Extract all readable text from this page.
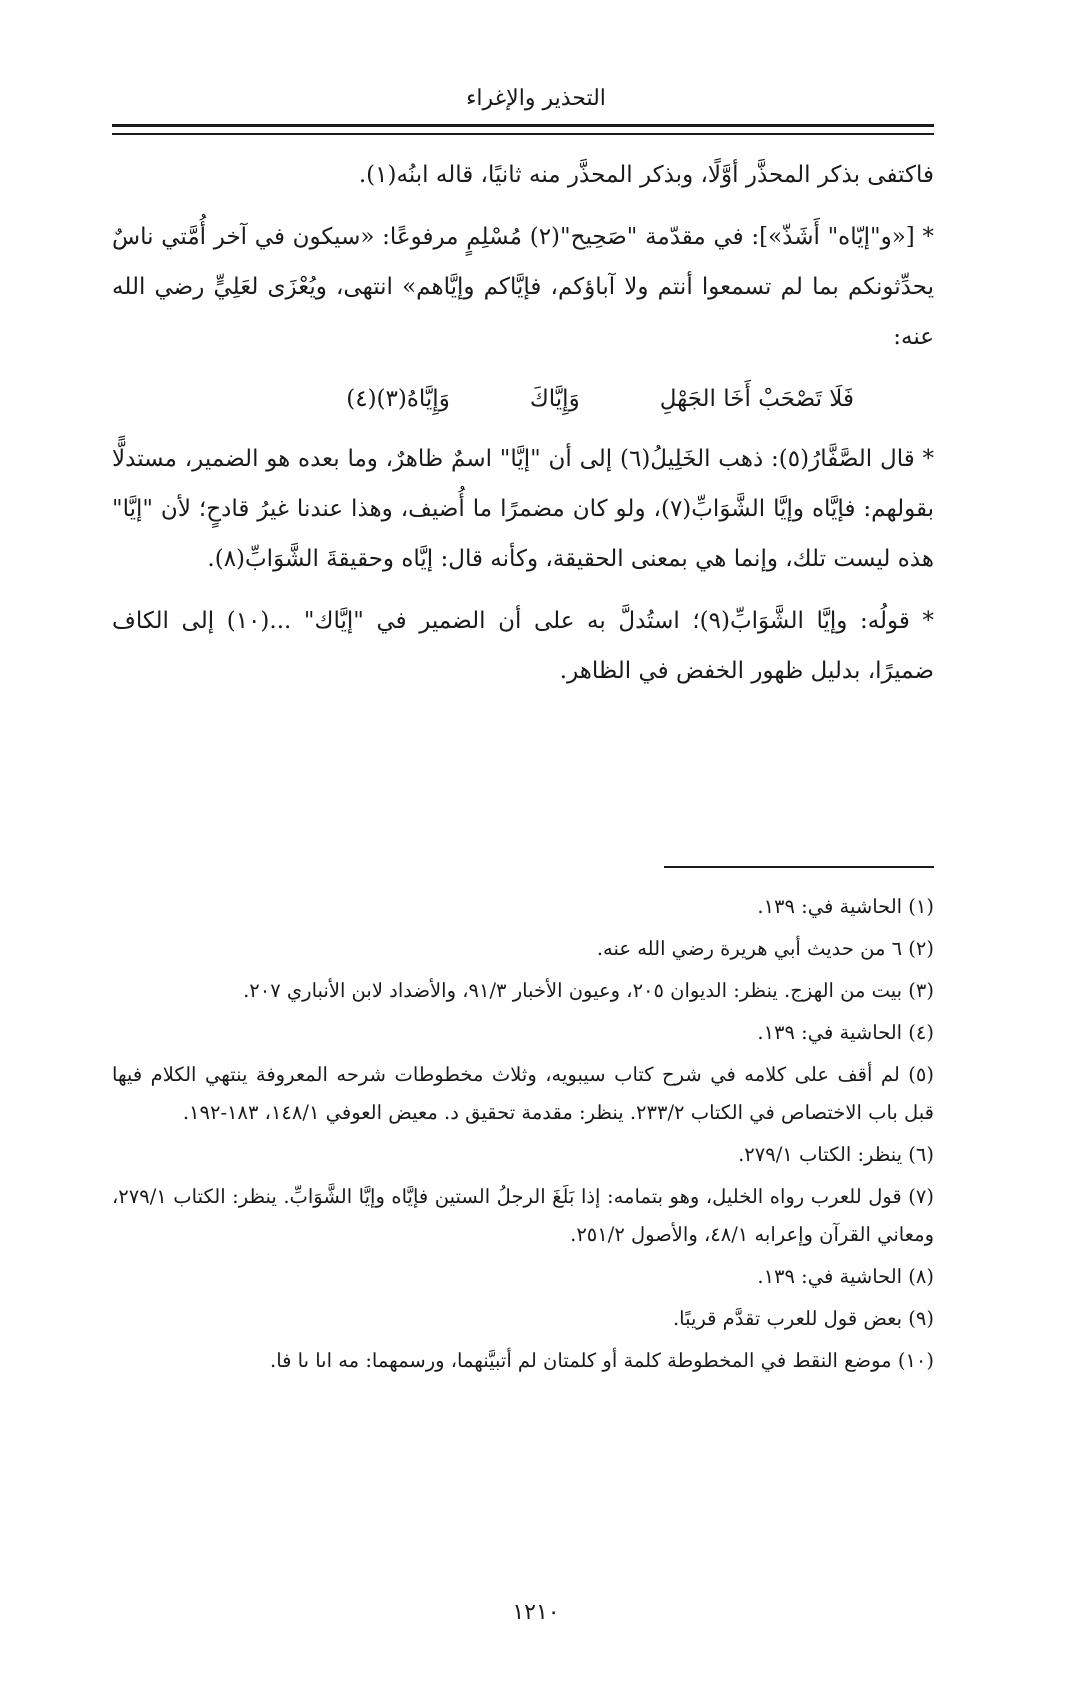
التحذير والإغراء

فاكتفى بذكر المحذَّر أوَّلًا، وبذكر المحذَّر منه ثانيًا، قاله ابنُه(١).

* [«و"إيّاه" أَشَذّ»]: في مقدّمة "صَحِيح"(٢) مُسْلِمٍ مرفوعًا: «سيكون في آخر أُمَّتي ناسٌ يحدِّثونكم بما لم تسمعوا أنتم ولا آباؤكم، فإيَّاكم وإيَّاهم» انتهى، ويُعْزَى لعَلِيٍّ رضي الله عنه:

فَلَا تَصْحَبْ أَخَا الجَهْلِ
وَإِيَّاكَ
وَإِيَّاهُ(٣)(٤)

* قال الصَّفَّارُ(٥): ذهب الخَلِيلُ(٦) إلى أن "إيَّا" اسمٌ ظاهرٌ، وما بعده هو الضمير، مستدلًّا بقولهم: فإيَّاه وإيَّا الشَّوَابِّ(٧)، ولو كان مضمرًا ما أُضيف، وهذا عندنا غيرُ قادحٍ؛ لأن "إيَّا" هذه ليست تلك، وإنما هي بمعنى الحقيقة، وكأنه قال: إيَّاه وحقيقةَ الشَّوَابِّ(٨).

* قولُه: وإيَّا الشَّوَابِّ(٩)؛ استُدلَّ به على أن الضمير في "إيَّاك" ...(١٠) إلى الكاف ضميرًا، بدليل ظهور الخفض في الظاهر.

(١) الحاشية في: ١٣٩.

(٢) ٦ من حديث أبي هريرة رضي الله عنه.

(٣) بيت من الهزج. ينظر: الديوان ٢٠٥، وعيون الأخبار ٩١/٣، والأضداد لابن الأنباري ٢٠٧.

(٤) الحاشية في: ١٣٩.

(٥) لم أقف على كلامه في شرح كتاب سيبويه، وثلاث مخطوطات شرحه المعروفة ينتهي الكلام فيها قبل باب الاختصاص في الكتاب ٢٣٣/٢. ينظر: مقدمة تحقيق د. معيض العوفي ١٤٨/١، ١٨٣-١٩٢.

(٦) ينظر: الكتاب ٢٧٩/١.

(٧) قول للعرب رواه الخليل، وهو بتمامه: إذا بَلَغَ الرجلُ الستين فإيَّاه وإيَّا الشَّوَابِّ. ينظر: الكتاب ٢٧٩/١، ومعاني القرآن وإعرابه ٤٨/١، والأصول ٢٥١/٢.

(٨) الحاشية في: ١٣٩.

(٩) بعض قول للعرب تقدَّم قريبًا.

(١٠) موضع النقط في المخطوطة كلمة أو كلمتان لم أتبيَّنهما، ورسمهما: مه اىا ىا فا.

١٢١٠
